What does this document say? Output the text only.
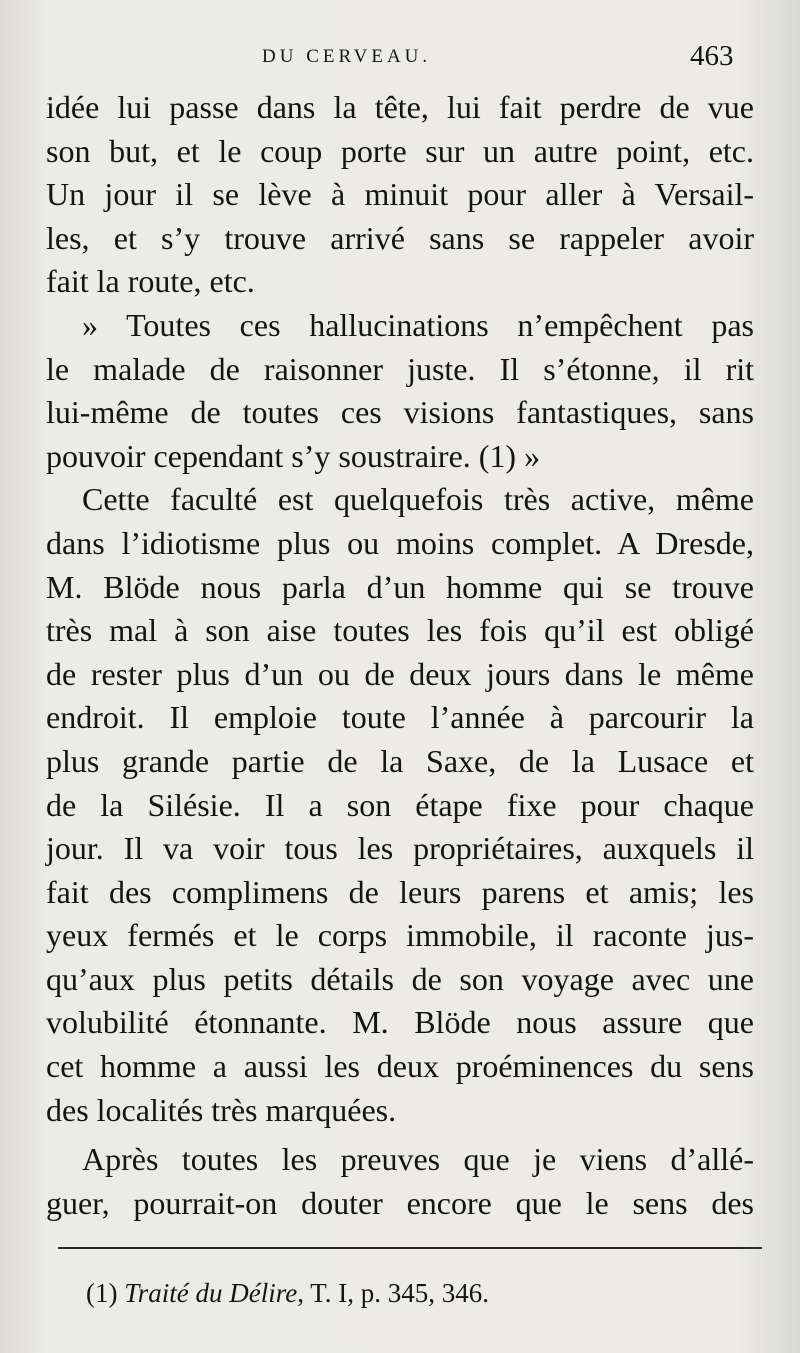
DU CERVEAU.	463
idée lui passe dans la tête, lui fait perdre de vue
son but, et le coup porte sur un autre point, etc.
Un jour il se lève à minuit pour aller à Versail-
les, et s’y trouve arrivé sans se rappeler avoir
fait la route, etc.
» Toutes ces hallucinations n’empêchent pas
le malade de raisonner juste. Il s’étonne, il rit
lui-même de toutes ces visions fantastiques, sans
pouvoir cependant s’y soustraire. (1) »
Cette faculté est quelquefois très active, même
dans l’idiotisme plus ou moins complet. A Dresde,
M. Blöde nous parla d’un homme qui se trouve
très mal à son aise toutes les fois qu’il est obligé
de rester plus d’un ou de deux jours dans le même
endroit. Il emploie toute l’année à parcourir la
plus grande partie de la Saxe, de la Lusace et
de la Silésie. Il a son étape fixe pour chaque
jour. Il va voir tous les propriétaires, auxquels il
fait des complimens de leurs parens et amis; les
yeux fermés et le corps immobile, il raconte jus-
qu’aux plus petits détails de son voyage avec une
volubilité étonnante. M. Blöde nous assure que
cet homme a aussi les deux proéminences du sens
des localités très marquées.
Après toutes les preuves que je viens d’allé-
guer, pourrait-on douter encore que le sens des
(1) Traité du Délire, T. I, p. 345, 346.
